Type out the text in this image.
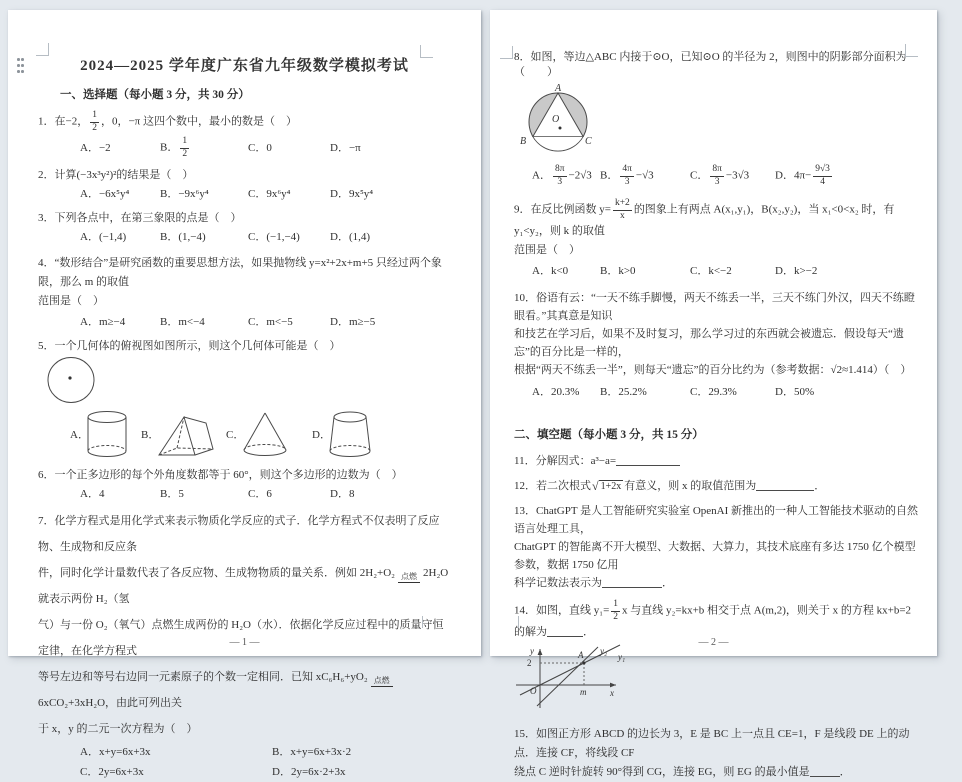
2024—2025 学年度广东省九年级数学模拟考试

一、选择题（每小题 3 分，共 30 分）

1．在−2， $\frac{1}{2}$ ，0，−π 这四个数中，最小的数是（　）

A．−2	B． $\frac{1}{2}$	C．0	D．−π

2．计算(−3x³y²)²的结果是（　）

A．−6x⁵y⁴	B．−9x⁶y⁴	C．9x⁶y⁴	D．9x⁵y⁴

3．下列各点中，在第三象限的点是（　）

A．(−1,4)	B．(1,−4)	C．(−1,−4)	D．(1,4)

4．“数形结合”是研究函数的重要思想方法，如果抛物线 y=x²+2x+m+5 只经过两个象限，那么 m 的取值

范围是（　）

A．m≥−4	B．m<−4	C．m<−5	D．m≥−5

5．一个几何体的俯视图如图所示，则这个几何体可能是（　）

A．	B．	C．	D．

6．一个正多边形的每个外角度数都等于 60°，则这个多边形的边数为（　）

A．4	B．5	C．6	D．8

7．化学方程式是用化学式来表示物质化学反应的式子．化学方程式不仅表明了反应物、生成物和反应条

件，同时化学计量数代表了各反应物、生成物物质的量关系．例如 2H₂+O₂ 点燃 2H₂O 就表示两份 H₂（氢

气）与一份 O₂（氧气）点燃生成两份的 H₂O（水）．依据化学反应过程中的质量守恒定律，在化学方程式

等号左边和等号右边同一元素原子的个数一定相同．已知 xC₆H₆+yO₂ 点燃
6xCO₂+3xH₂O，由此可列出关

于 x，y 的二元一次方程为（　）

A．x+y=6x+3x	B．x+y=6x+3x·2
C．2y=6x+3x	D．2y=6x·2+3x
— 1 —

8．如图，等边△ABC 内接于⊙O，已知⊙O 的半径为 2，则图中的阴影部分面积为（　　）

O
A
B	C
A． $\frac{8\pi}{3} -2√3$ B． $\frac{4\pi}{3} -√3$	C． $\frac{8\pi}{3} -3√3$	D．$4\pi- \frac{9√3}{4}$

9．在反比例函数 $y= \frac{k+2}{x}$ 的图象上有两点 A(x₁,y₁)，B(x₂,y₂)，当 x₁<0<x₂ 时，有 y₁<y₂，则 k 的取值

范围是（　）

A．k<0	B．k>0	C．k<−2	D．k>−2

10．俗语有云：“一天不练手脚慢，两天不练丢一半，三天不练门外汉，四天不练瞪眼看。”其真意是知识

和技艺在学习后，如果不及时复习，那么学习过的东西就会被遗忘．假设每天“遗忘”的百分比是一样的，

根据“两天不练丢一半”，则每天“遗忘”的百分比约为（参考数据：√2≈1.414）（　）

A．20.3%	B．25.2%	C．29.3%	D．50%

二、填空题（每小题 3 分，共 15 分）

11．分解因式：a³−a=

12．若二次根式 √ 1+2x 有意义，则 x 的取值范围为	．

13．ChatGPT 是人工智能研究实验室 OpenAI 新推出的一种人工智能技术驱动的自然语言处理工具，

ChatGPT 的智能离不开大模型、大数据、大算力，其技术底座有多达 1750 亿个模型参数，数据 1750 亿用

科学记数法表示为	．

14．如图，直线 $y_1= \frac{1}{2}$ x 与直线 y₂=kx+b 相交于点 A(m,2)，则关于 x 的方程 kx+b=2 的解为	．

y
x
O
2
m
A y₂
y₁

15．如图正方形 ABCD 的边长为 3，E 是 BC 上一点且 CE=1，F 是线段 DE 上的动点．连接 CF，将线段 CF

绕点 C 逆时针旋转 90°得到 CG，连接 EG，则 EG 的最小值是	．

— 2 —
